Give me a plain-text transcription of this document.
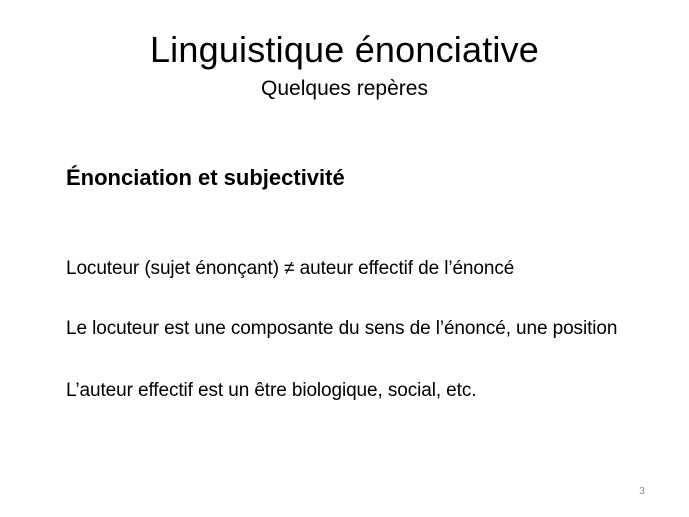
Linguistique énonciative
Quelques repères
Énonciation et subjectivité
Locuteur (sujet énonçant) ≠ auteur effectif de l’énoncé
Le locuteur est une composante du sens de l’énoncé, une position
L’auteur effectif est un être biologique, social, etc.
3
